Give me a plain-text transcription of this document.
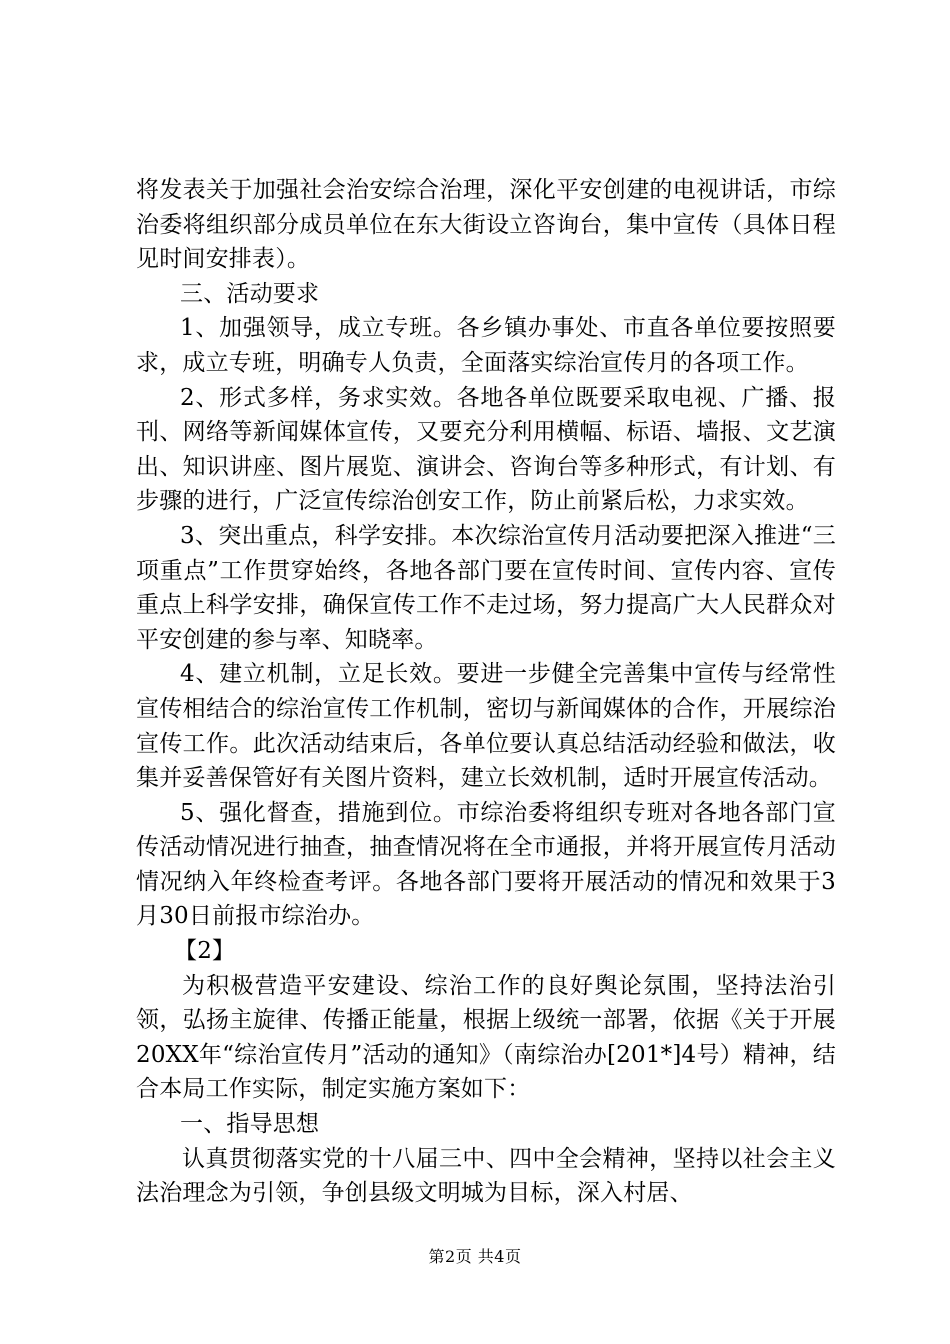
将发表关于加强社会治安综合治理，深化平安创建的电视讲话，市综治委将组织部分成员单位在东大街设立咨询台，集中宣传（具体日程见时间安排表）。

三、活动要求

1、加强领导，成立专班。各乡镇办事处、市直各单位要按照要求，成立专班，明确专人负责，全面落实综治宣传月的各项工作。

2、形式多样，务求实效。各地各单位既要采取电视、广播、报刊、网络等新闻媒体宣传，又要充分利用横幅、标语、墙报、文艺演出、知识讲座、图片展览、演讲会、咨询台等多种形式，有计划、有步骤的进行，广泛宣传综治创安工作，防止前紧后松，力求实效。

3、突出重点，科学安排。本次综治宣传月活动要把深入推进“三项重点”工作贯穿始终，各地各部门要在宣传时间、宣传内容、宣传重点上科学安排，确保宣传工作不走过场，努力提高广大人民群众对平安创建的参与率、知晓率。

4、建立机制，立足长效。要进一步健全完善集中宣传与经常性宣传相结合的综治宣传工作机制，密切与新闻媒体的合作，开展综治宣传工作。此次活动结束后，各单位要认真总结活动经验和做法，收集并妥善保管好有关图片资料，建立长效机制，适时开展宣传活动。

5、强化督查，措施到位。市综治委将组织专班对各地各部门宣传活动情况进行抽查，抽查情况将在全市通报，并将开展宣传月活动情况纳入年终检查考评。各地各部门要将开展活动的情况和效果于3月30日前报市综治办。

【2】

为积极营造平安建设、综治工作的良好舆论氛围，坚持法治引领，弘扬主旋律、传播正能量，根据上级统一部署，依据《关于开展20XX年“综治宣传月”活动的通知》（南综治办[201*]4号）精神，结合本局工作实际，制定实施方案如下：

一、指导思想

认真贯彻落实党的十八届三中、四中全会精神，坚持以社会主义法治理念为引领，争创县级文明城为目标，深入村居、

第2页 共4页
